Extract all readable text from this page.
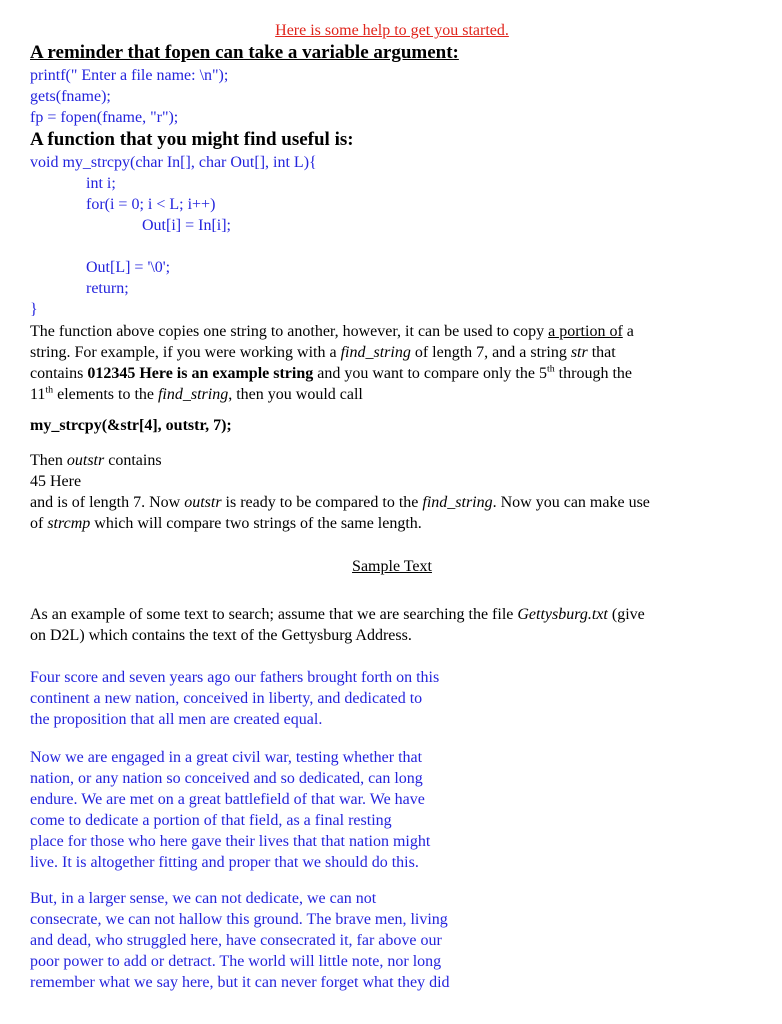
Here is some help to get you started.
A reminder that fopen can take a variable argument:
printf(" Enter a file name: \n");
gets(fname);
fp = fopen(fname, "r");
A function that you might find useful is:
void my_strcpy(char In[], char Out[], int L){
int i;
for(i = 0; i < L; i++)
Out[i] = In[i];

Out[L] = '\0';
return;
}
The function above copies one string to another, however, it can be used to copy a portion of a
string. For example, if you were working with a find_string of length 7, and a string str that
contains 012345 Here is an example string and you want to compare only the 5th through the
11th elements to the find_string, then you would call
my_strcpy(&str[4], outstr, 7);
Then outstr contains
45 Here
and is of length 7. Now outstr is ready to be compared to the find_string. Now you can make use
of strcmp which will compare two strings of the same length.
Sample Text
As an example of some text to search; assume that we are searching the file Gettysburg.txt (give
on D2L) which contains the text of the Gettysburg Address.
Four score and seven years ago our fathers brought forth on this
continent a new nation, conceived in liberty, and dedicated to
the proposition that all men are created equal.
Now we are engaged in a great civil war, testing whether that
nation, or any nation so conceived and so dedicated, can long
endure. We are met on a great battlefield of that war. We have
come to dedicate a portion of that field, as a final resting
place for those who here gave their lives that that nation might
live. It is altogether fitting and proper that we should do this.
But, in a larger sense, we can not dedicate, we can not
consecrate, we can not hallow this ground. The brave men, living
and dead, who struggled here, have consecrated it, far above our
poor power to add or detract. The world will little note, nor long
remember what we say here, but it can never forget what they did
